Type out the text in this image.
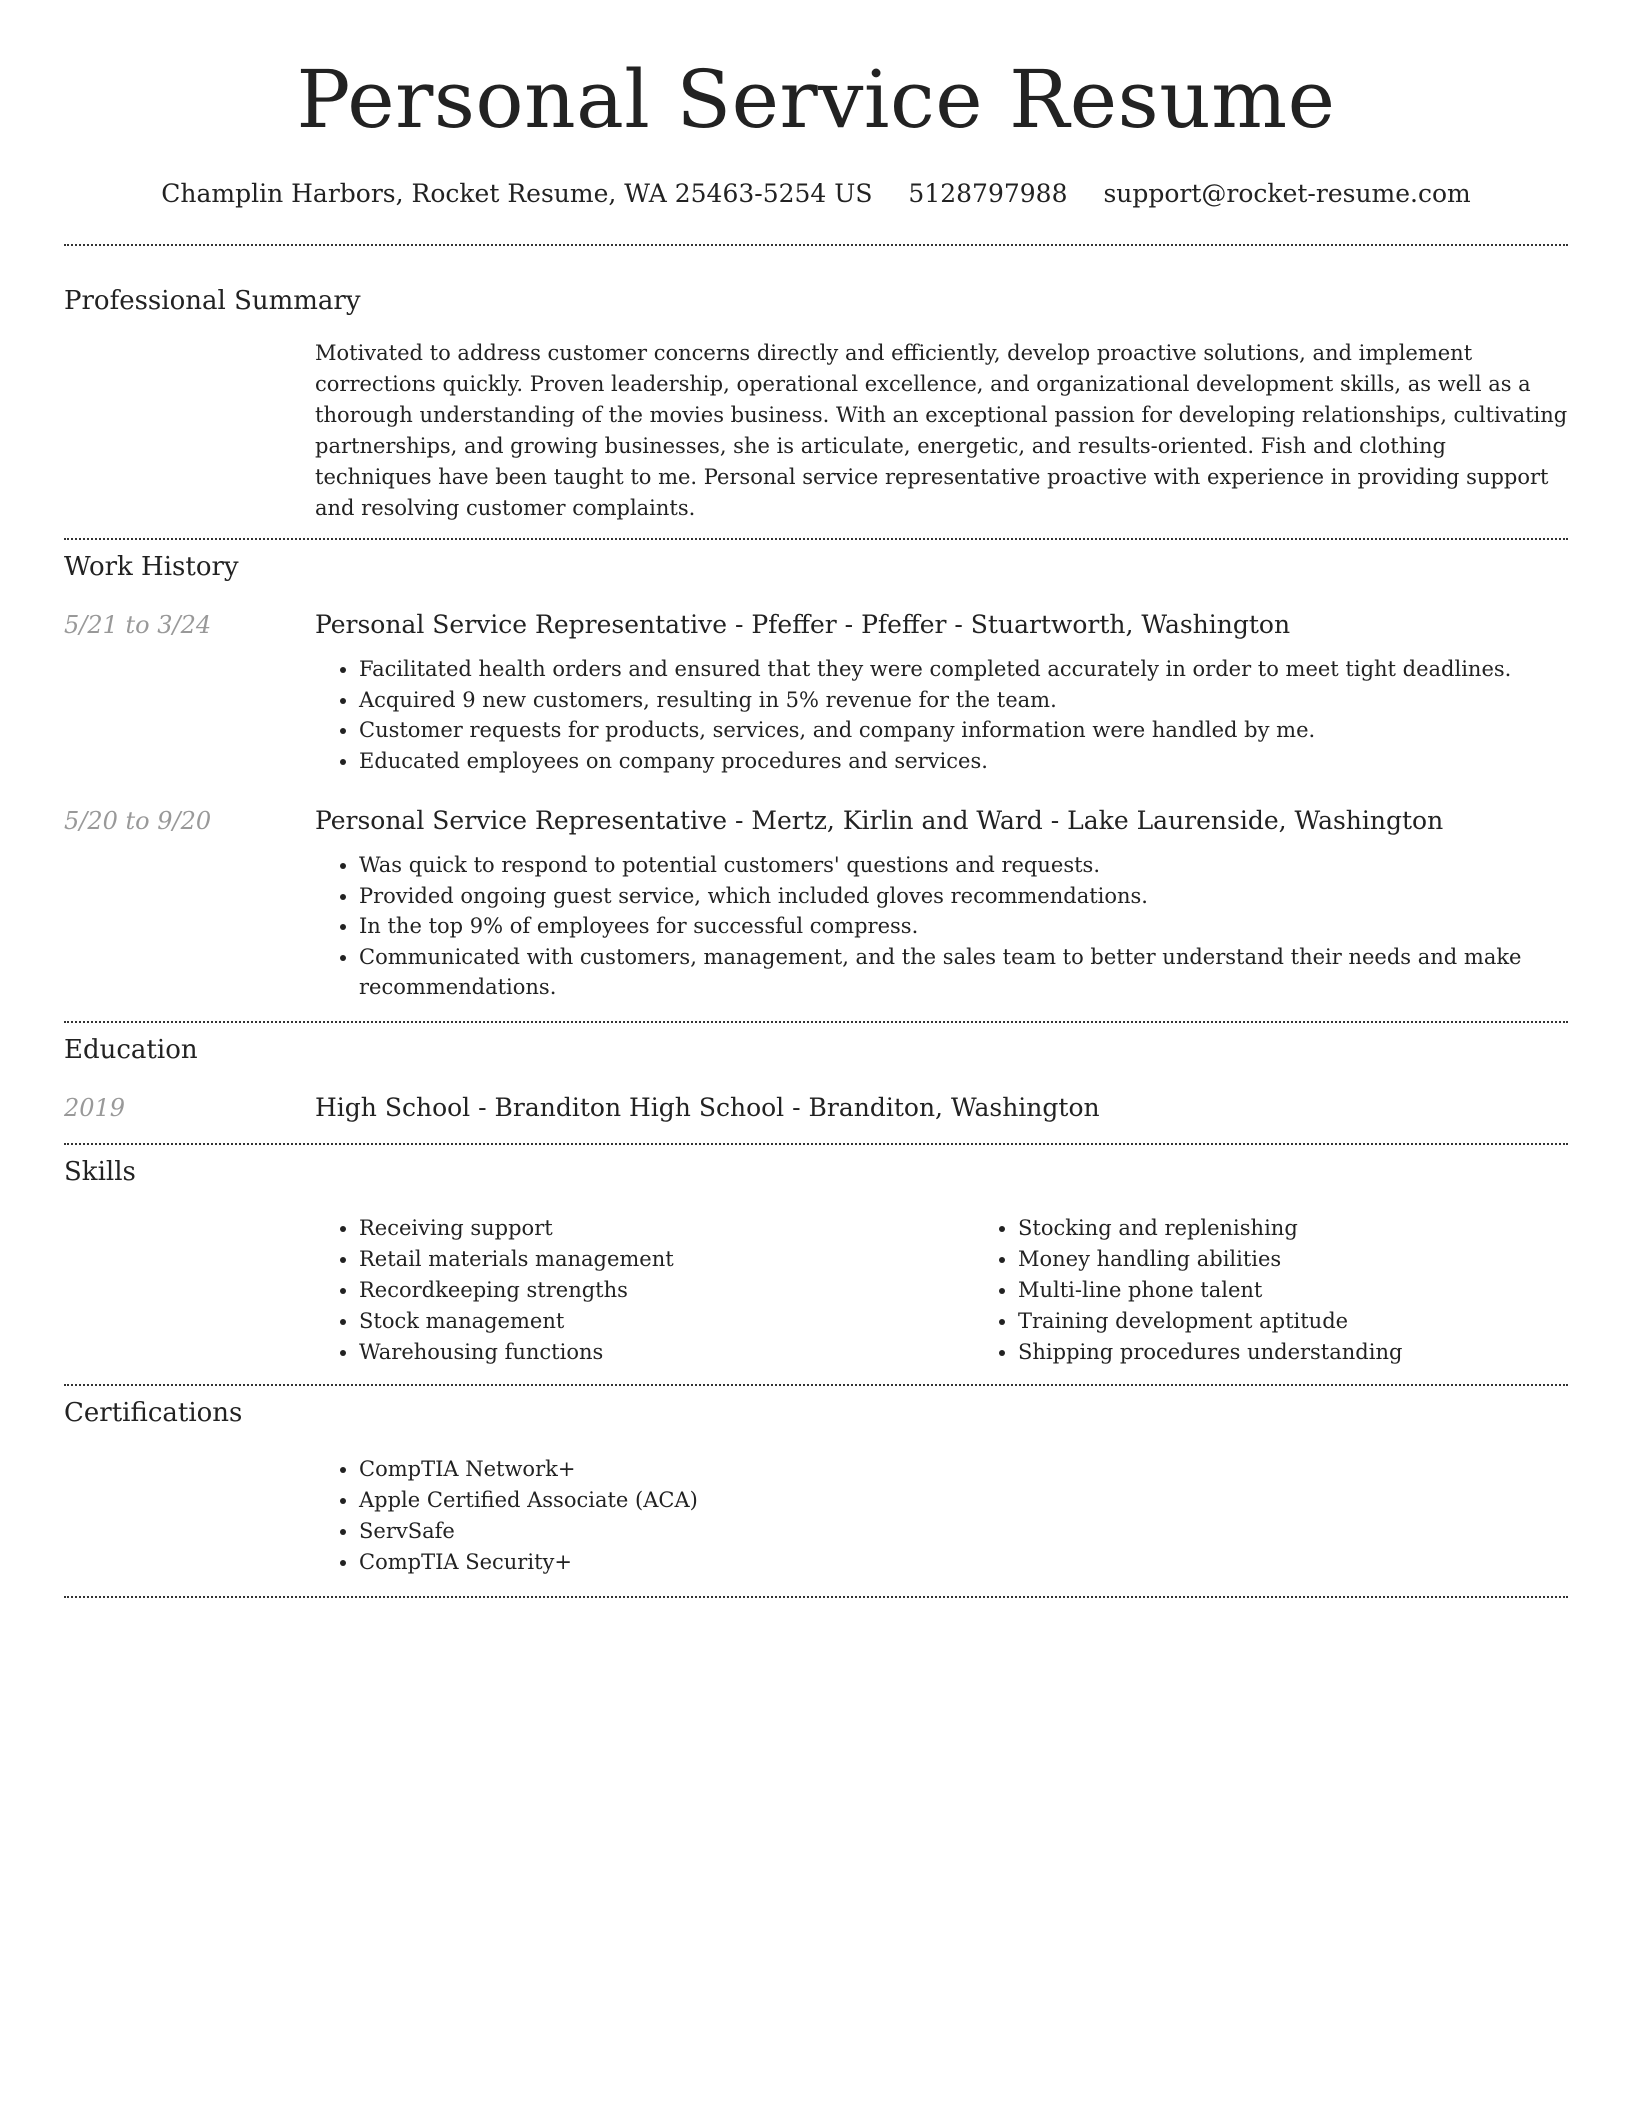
Personal Service Resume
Champlin Harbors, Rocket Resume, WA 25463-5254 US 5128797988 support@rocket-resume.com
Professional Summary

Motivated to address customer concerns directly and efficiently, develop proactive solutions, and implement corrections quickly. Proven leadership, operational excellence, and organizational development skills, as well as a thorough understanding of the movies business. With an exceptional passion for developing relationships, cultivating partnerships, and growing businesses, she is articulate, energetic, and results-oriented. Fish and clothing techniques have been taught to me. Personal service representative proactive with experience in providing support and resolving customer complaints.

Work History
5/21 to 3/24	Personal Service Representative - Pfeffer - Pfeffer - Stuartworth, Washington

• Facilitated health orders and ensured that they were completed accurately in order to meet tight deadlines.
• Acquired 9 new customers, resulting in 5% revenue for the team.
• Customer requests for products, services, and company information were handled by me.
• Educated employees on company procedures and services.
5/20 to 9/20	Personal Service Representative - Mertz, Kirlin and Ward - Lake Laurenside, Washington

• Was quick to respond to potential customers' questions and requests.
• Provided ongoing guest service, which included gloves recommendations.
• In the top 9% of employees for successful compress.
• Communicated with customers, management, and the sales team to better understand their needs and make recommendations.
Education
2019	High School - Branditon High School - Branditon, Washington

Skills
• Receiving support
• Retail materials management
• Recordkeeping strengths
• Stock management
• Warehousing functions
• Stocking and replenishing
• Money handling abilities
• Multi-line phone talent
• Training development aptitude
• Shipping procedures understanding
Certifications
• CompTIA Network+
• Apple Certified Associate (ACA)
• ServSafe
• CompTIA Security+
